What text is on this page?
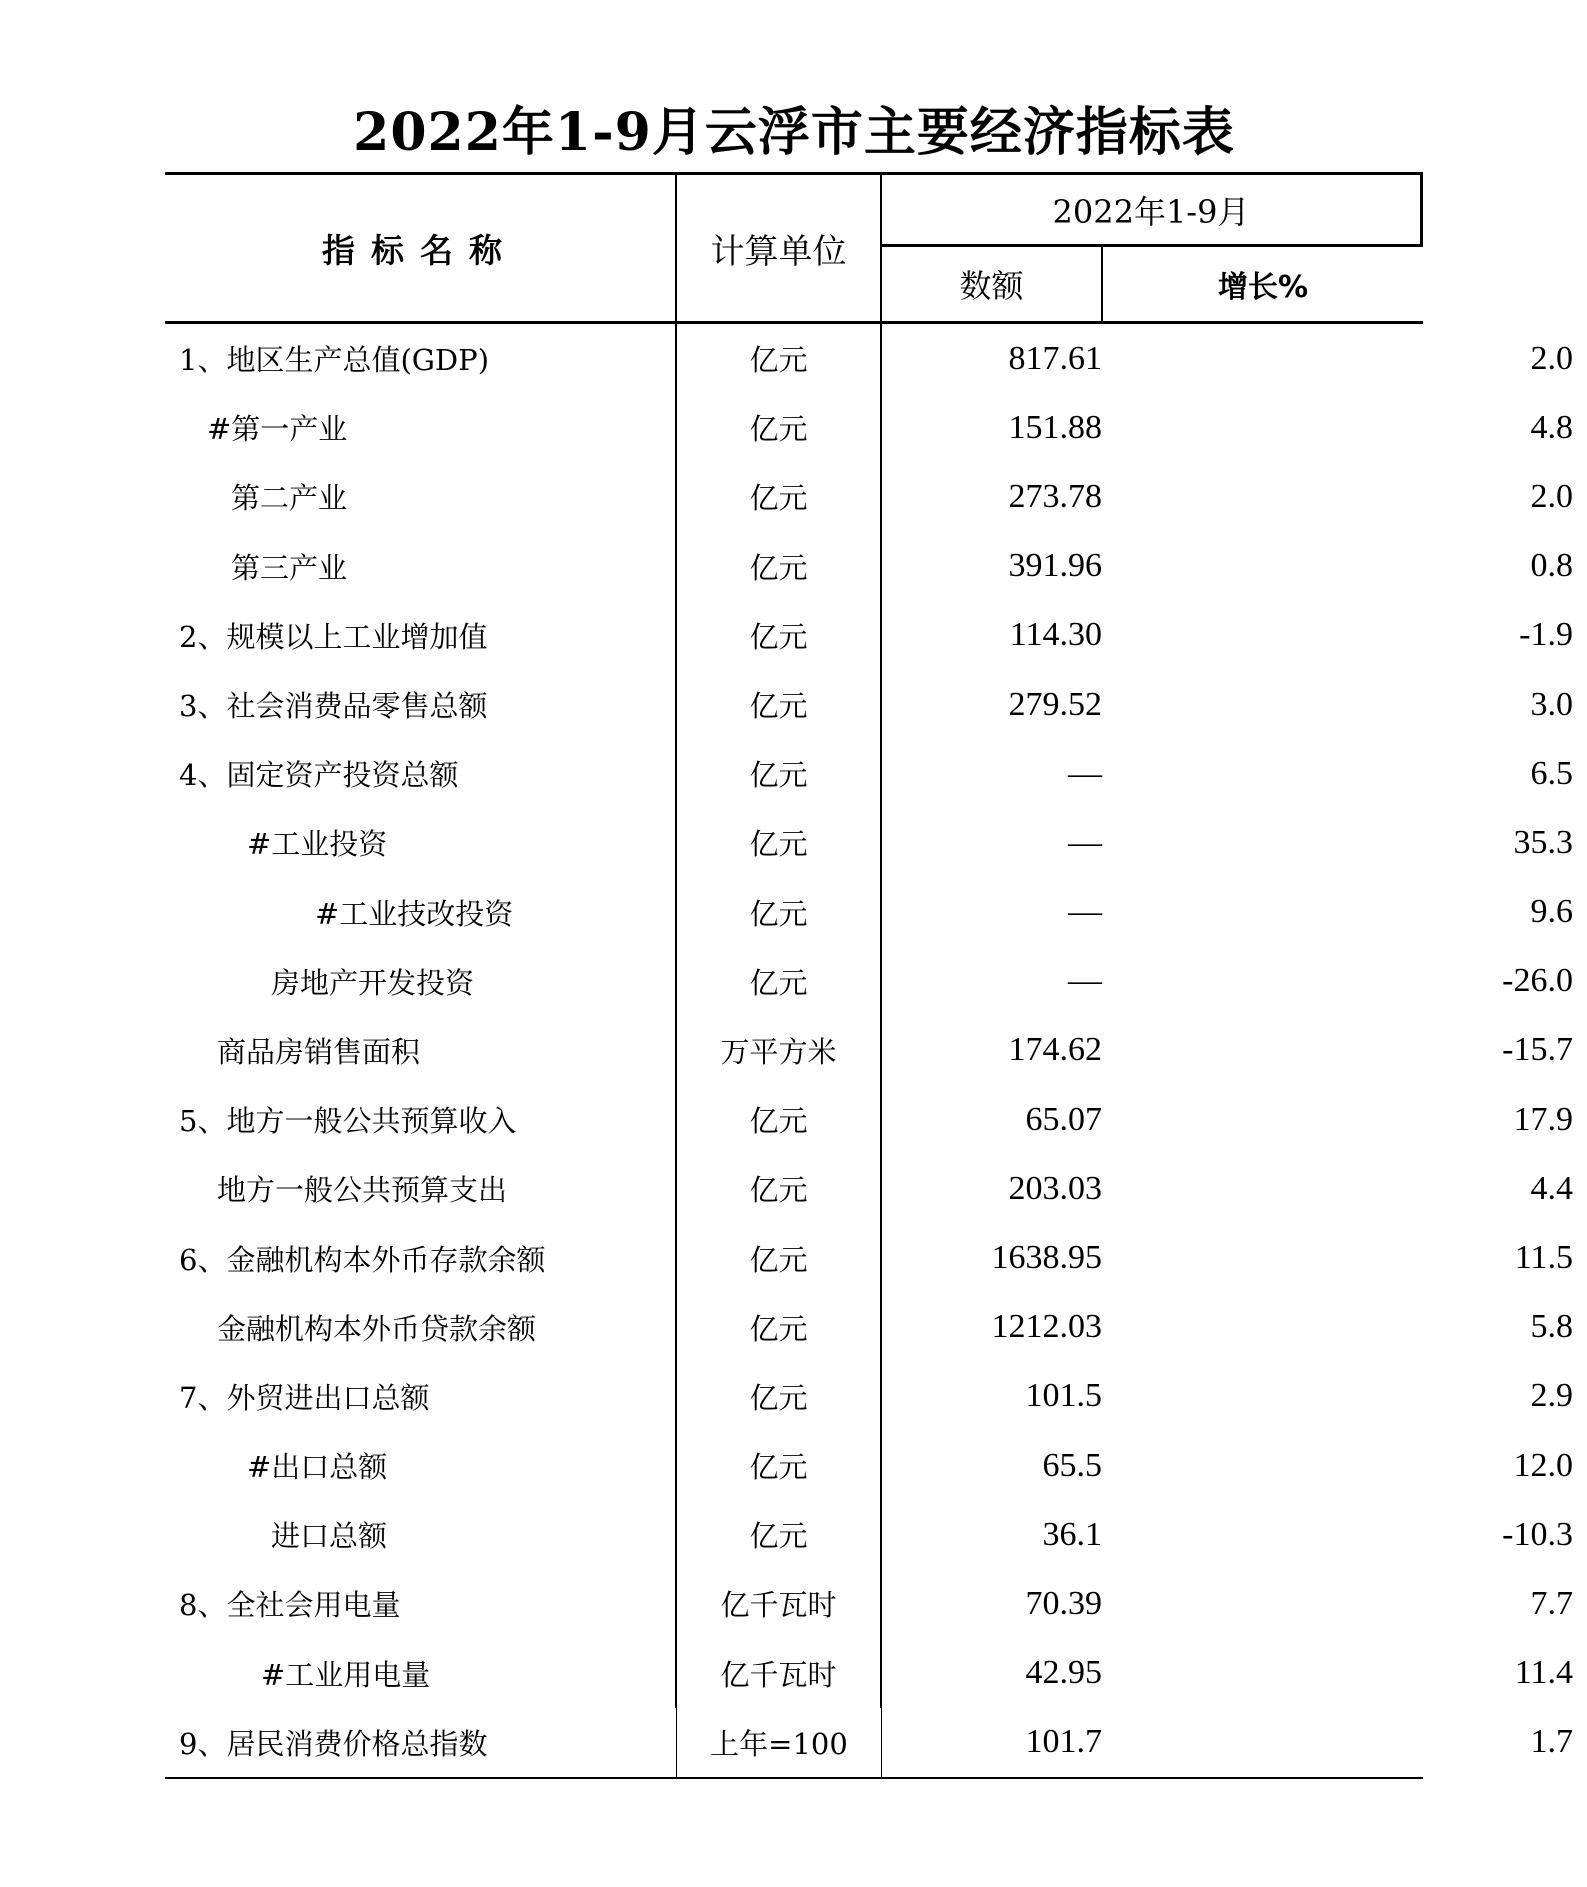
2022年1-9月云浮市主要经济指标表
指标名称	计算单位
2022年1-9月
数额	增长%
1、地区生产总值(GDP)	亿元	817.61	2.0
#第一产业	亿元	151.88	4.8
第二产业	亿元	273.78	2.0
第三产业	亿元	391.96	0.8
2、规模以上工业增加值	亿元	114.30	-1.9
3、社会消费品零售总额	亿元	279.52	3.0
4、固定资产投资总额	亿元	—	6.5
#工业投资	亿元	—	35.3
#工业技改投资	亿元	—	9.6
房地产开发投资	亿元	—	-26.0
商品房销售面积	万平方米	174.62	-15.7
5、地方一般公共预算收入	亿元	65.07	17.9
地方一般公共预算支出	亿元	203.03	4.4
6、金融机构本外币存款余额	亿元	1638.95	11.5
金融机构本外币贷款余额	亿元	1212.03	5.8
7、外贸进出口总额	亿元	101.5	2.9
#出口总额	亿元	65.5	12.0
进口总额	亿元	36.1	-10.3
8、全社会用电量	亿千瓦时	70.39	7.7
#工业用电量	亿千瓦时	42.95	11.4
9、居民消费价格总指数	上年=100	101.7	1.7
